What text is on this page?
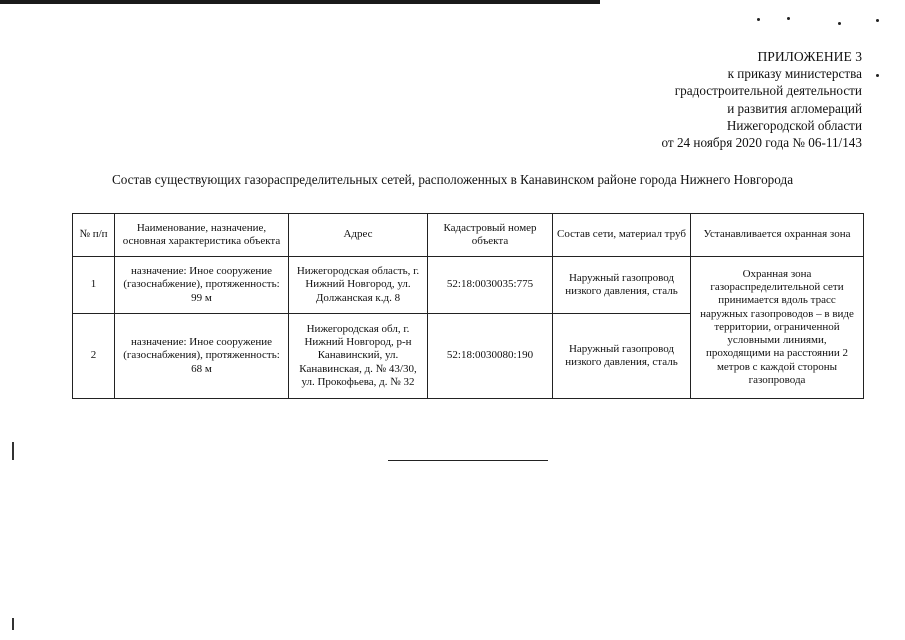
ПРИЛОЖЕНИЕ 3
к приказу министерства
градостроительной деятельности
и развития агломераций
Нижегородской области
от 24 ноября 2020 года № 06-11/143
Состав существующих газораспределительных сетей, расположенных в Канавинском районе города Нижнего Новгорода
№ п/п	Наименование, назначение, основная характеристика объекта	Адрес	Кадастровый номер объекта	Состав сети, материал труб	Устанавливается охранная зона
1	назначение: Иное сооружение (газоснабжение), протяженность: 99 м	Нижегородская область, г. Нижний Новгород, ул. Должанская к.д. 8	52:18:0030035:775	Наружный газопровод низкого давления, сталь	Охранная зона газораспределительной сети принимается вдоль трасс наружных газопроводов – в виде территории, ограниченной условными линиями, проходящими на расстоянии 2 метров с каждой стороны газопровода
2	назначение: Иное сооружение (газоснабжения), протяженность: 68 м	Нижегородская обл, г. Нижний Новгород, р-н Канавинский, ул. Канавинская, д. № 43/30, ул. Прокофьева, д. № 32	52:18:0030080:190	Наружный газопровод низкого давления, сталь	
